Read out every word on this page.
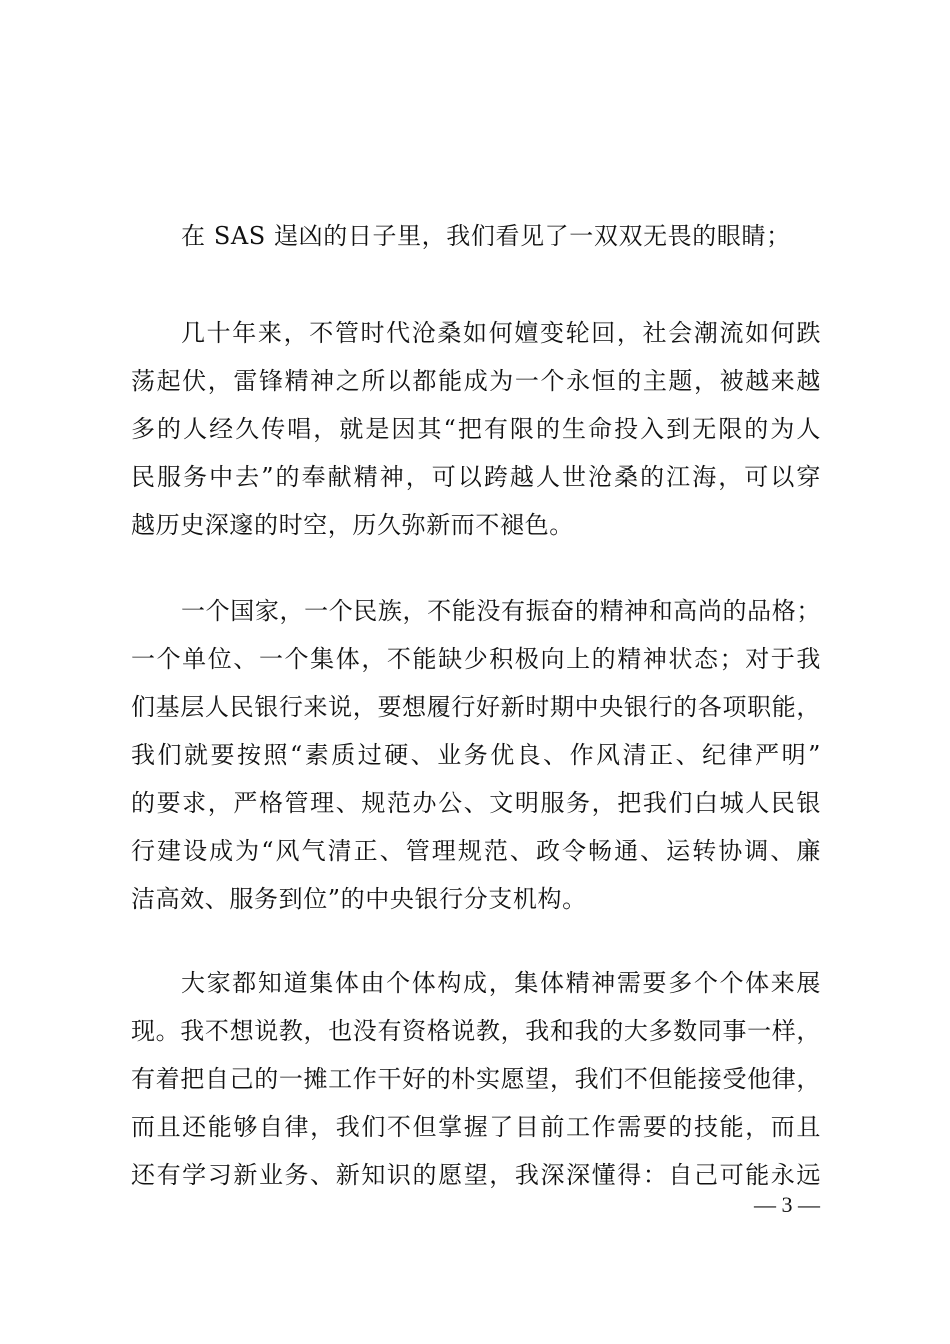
在 SAS 逞凶的日子里，我们看见了一双双无畏的眼睛；
几十年来，不管时代沧桑如何嬗变轮回，社会潮流如何跌
荡起伏，雷锋精神之所以都能成为一个永恒的主题，被越来越
多的人经久传唱，就是因其“把有限的生命投入到无限的为人
民服务中去”的奉献精神，可以跨越人世沧桑的江海，可以穿
越历史深邃的时空，历久弥新而不褪色。
一个国家，一个民族，不能没有振奋的精神和高尚的品格；
一个单位、一个集体，不能缺少积极向上的精神状态；对于我
们基层人民银行来说，要想履行好新时期中央银行的各项职能，
我们就要按照“素质过硬、业务优良、作风清正、纪律严明”
的要求，严格管理、规范办公、文明服务，把我们白城人民银
行建设成为“风气清正、管理规范、政令畅通、运转协调、廉
洁高效、服务到位”的中央银行分支机构。
大家都知道集体由个体构成，集体精神需要多个个体来展
现。我不想说教，也没有资格说教，我和我的大多数同事一样，
有着把自己的一摊工作干好的朴实愿望，我们不但能接受他律，
而且还能够自律，我们不但掌握了目前工作需要的技能，而且
还有学习新业务、新知识的愿望，我深深懂得：自己可能永远
— 3 —
